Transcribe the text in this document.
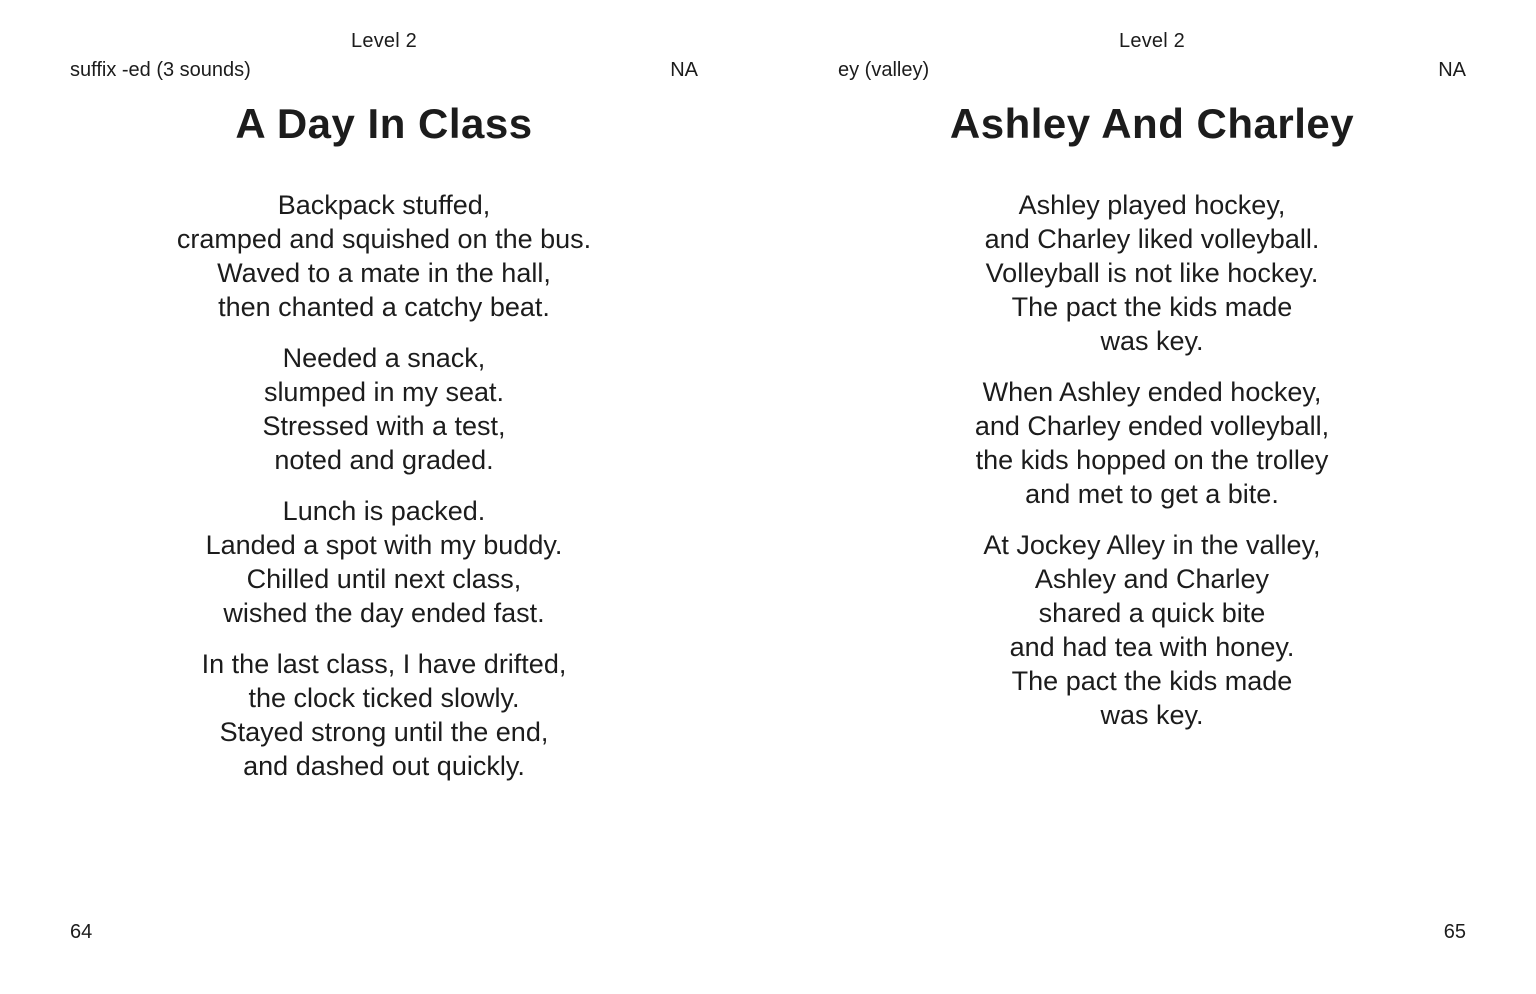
Level 2
suffix -ed (3 sounds)	NA
A Day In Class
Backpack stuffed,
cramped and squished on the bus.
Waved to a mate in the hall,
then chanted a catchy beat.
Needed a snack,
slumped in my seat.
Stressed with a test,
noted and graded.
Lunch is packed.
Landed a spot with my buddy.
Chilled until next class,
wished the day ended fast.
In the last class, I have drifted,
the clock ticked slowly.
Stayed strong until the end,
and dashed out quickly.
64
Level 2
ey (valley)	NA
Ashley And Charley
Ashley played hockey,
and Charley liked volleyball.
Volleyball is not like hockey.
The pact the kids made
was key.
When Ashley ended hockey,
and Charley ended volleyball,
the kids hopped on the trolley
and met to get a bite.
At Jockey Alley in the valley,
Ashley and Charley
shared a quick bite
and had tea with honey.
The pact the kids made
was key.
65
